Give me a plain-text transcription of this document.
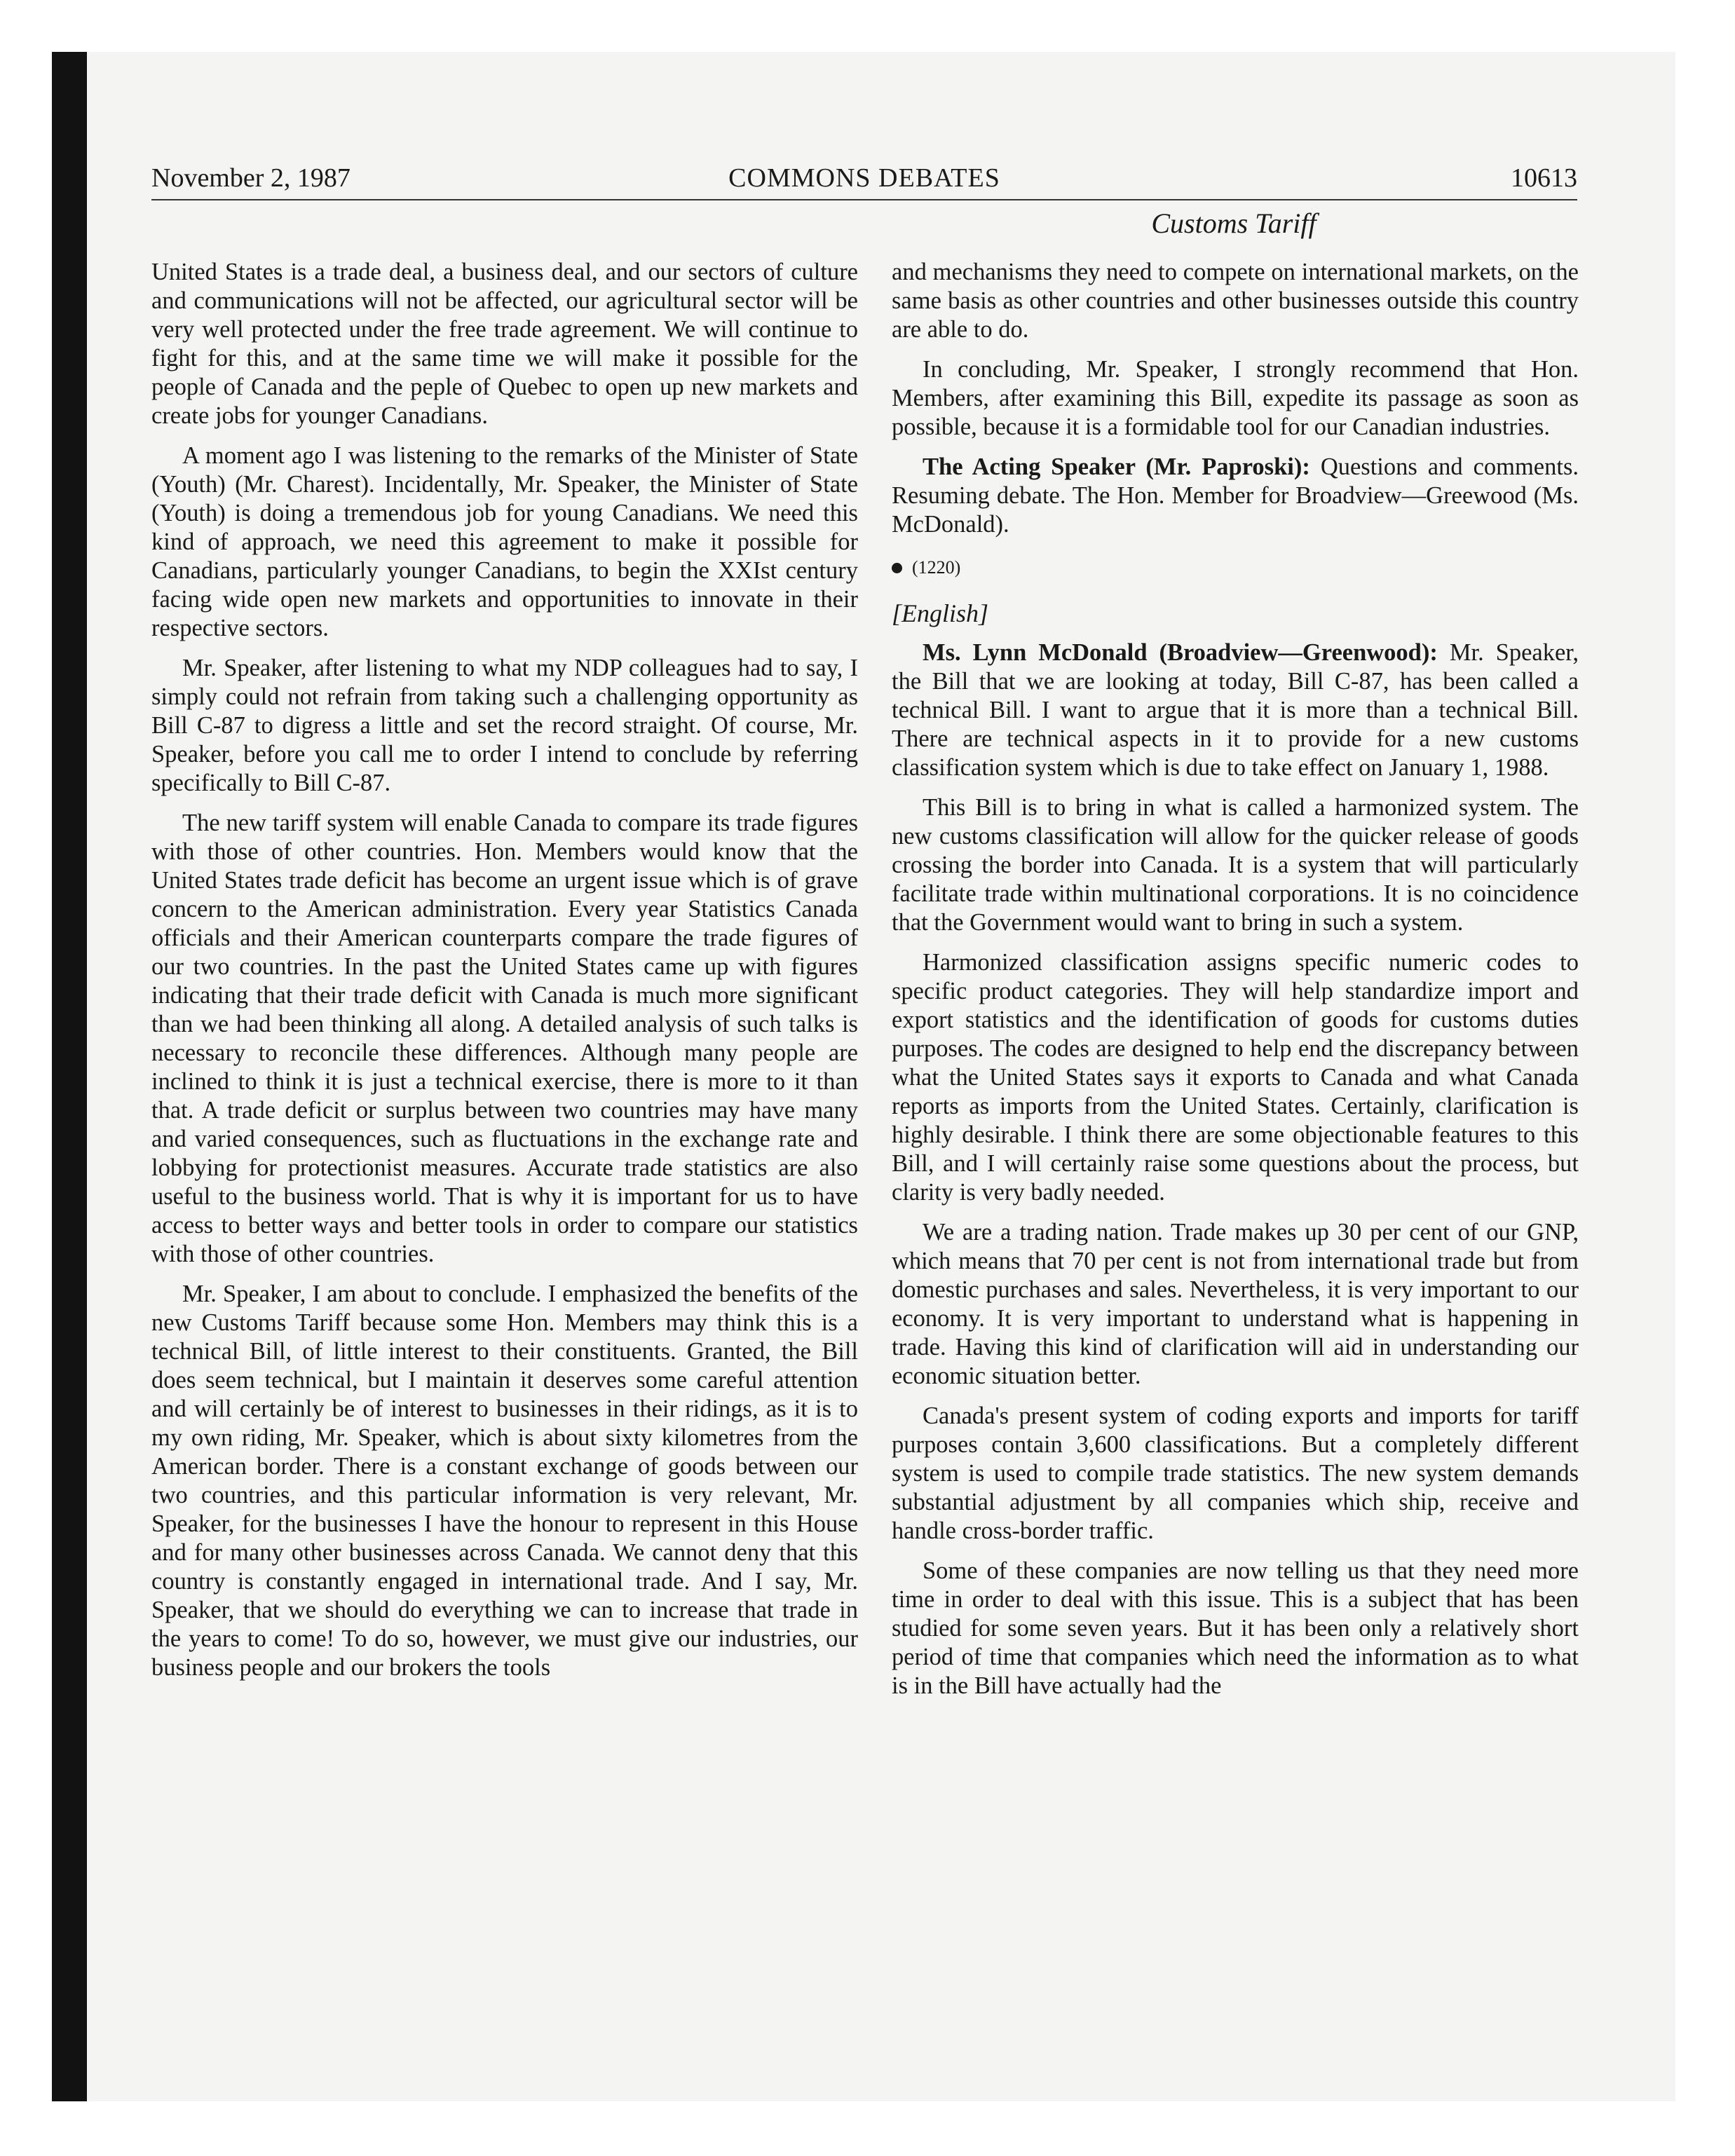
November 2, 1987	COMMONS DEBATES	10613
Customs Tariff

United States is a trade deal, a business deal, and our sectors of culture and communications will not be affected, our agricultural sector will be very well protected under the free trade agreement. We will continue to fight for this, and at the same time we will make it possible for the people of Canada and the peple of Quebec to open up new markets and create jobs for younger Canadians.

A moment ago I was listening to the remarks of the Minister of State (Youth) (Mr. Charest). Incidentally, Mr. Speaker, the Minister of State (Youth) is doing a tremendous job for young Canadians. We need this kind of approach, we need this agreement to make it possible for Canadians, particularly younger Canadians, to begin the XXIst century facing wide open new markets and opportunities to innovate in their respective sectors.

Mr. Speaker, after listening to what my NDP colleagues had to say, I simply could not refrain from taking such a challenging opportunity as Bill C-87 to digress a little and set the record straight. Of course, Mr. Speaker, before you call me to order I intend to conclude by referring specifically to Bill C-87.

The new tariff system will enable Canada to compare its trade figures with those of other countries. Hon. Members would know that the United States trade deficit has become an urgent issue which is of grave concern to the American administration. Every year Statistics Canada officials and their American counterparts compare the trade figures of our two countries. In the past the United States came up with figures indicating that their trade deficit with Canada is much more significant than we had been thinking all along. A detailed analysis of such talks is necessary to reconcile these differences. Although many people are inclined to think it is just a technical exercise, there is more to it than that. A trade deficit or surplus between two countries may have many and varied consequences, such as fluctuations in the exchange rate and lobbying for protectionist measures. Accurate trade statistics are also useful to the business world. That is why it is important for us to have access to better ways and better tools in order to compare our statistics with those of other countries.

Mr. Speaker, I am about to conclude. I emphasized the benefits of the new Customs Tariff because some Hon. Members may think this is a technical Bill, of little interest to their constituents. Granted, the Bill does seem technical, but I maintain it deserves some careful attention and will certainly be of interest to businesses in their ridings, as it is to my own riding, Mr. Speaker, which is about sixty kilometres from the American border. There is a constant exchange of goods between our two countries, and this particular information is very relevant, Mr. Speaker, for the businesses I have the honour to represent in this House and for many other businesses across Canada. We cannot deny that this country is constantly engaged in international trade. And I say, Mr. Speaker, that we should do everything we can to increase that trade in the years to come! To do so, however, we must give our industries, our business people and our brokers the tools

and mechanisms they need to compete on international markets, on the same basis as other countries and other businesses outside this country are able to do.

In concluding, Mr. Speaker, I strongly recommend that Hon. Members, after examining this Bill, expedite its passage as soon as possible, because it is a formidable tool for our Canadian industries.

The Acting Speaker (Mr. Paproski): Questions and comments. Resuming debate. The Hon. Member for Broadview—Greewood (Ms. McDonald).

(1220)
[English]

Ms. Lynn McDonald (Broadview—Greenwood): Mr. Speaker, the Bill that we are looking at today, Bill C-87, has been called a technical Bill. I want to argue that it is more than a technical Bill. There are technical aspects in it to provide for a new customs classification system which is due to take effect on January 1, 1988.

This Bill is to bring in what is called a harmonized system. The new customs classification will allow for the quicker release of goods crossing the border into Canada. It is a system that will particularly facilitate trade within multinational corporations. It is no coincidence that the Government would want to bring in such a system.

Harmonized classification assigns specific numeric codes to specific product categories. They will help standardize import and export statistics and the identification of goods for customs duties purposes. The codes are designed to help end the discrepancy between what the United States says it exports to Canada and what Canada reports as imports from the United States. Certainly, clarification is highly desirable. I think there are some objectionable features to this Bill, and I will certainly raise some questions about the process, but clarity is very badly needed.

We are a trading nation. Trade makes up 30 per cent of our GNP, which means that 70 per cent is not from international trade but from domestic purchases and sales. Nevertheless, it is very important to our economy. It is very important to understand what is happening in trade. Having this kind of clarification will aid in understanding our economic situation better.

Canada's present system of coding exports and imports for tariff purposes contain 3,600 classifications. But a completely different system is used to compile trade statistics. The new system demands substantial adjustment by all companies which ship, receive and handle cross-border traffic.

Some of these companies are now telling us that they need more time in order to deal with this issue. This is a subject that has been studied for some seven years. But it has been only a relatively short period of time that companies which need the information as to what is in the Bill have actually had the
